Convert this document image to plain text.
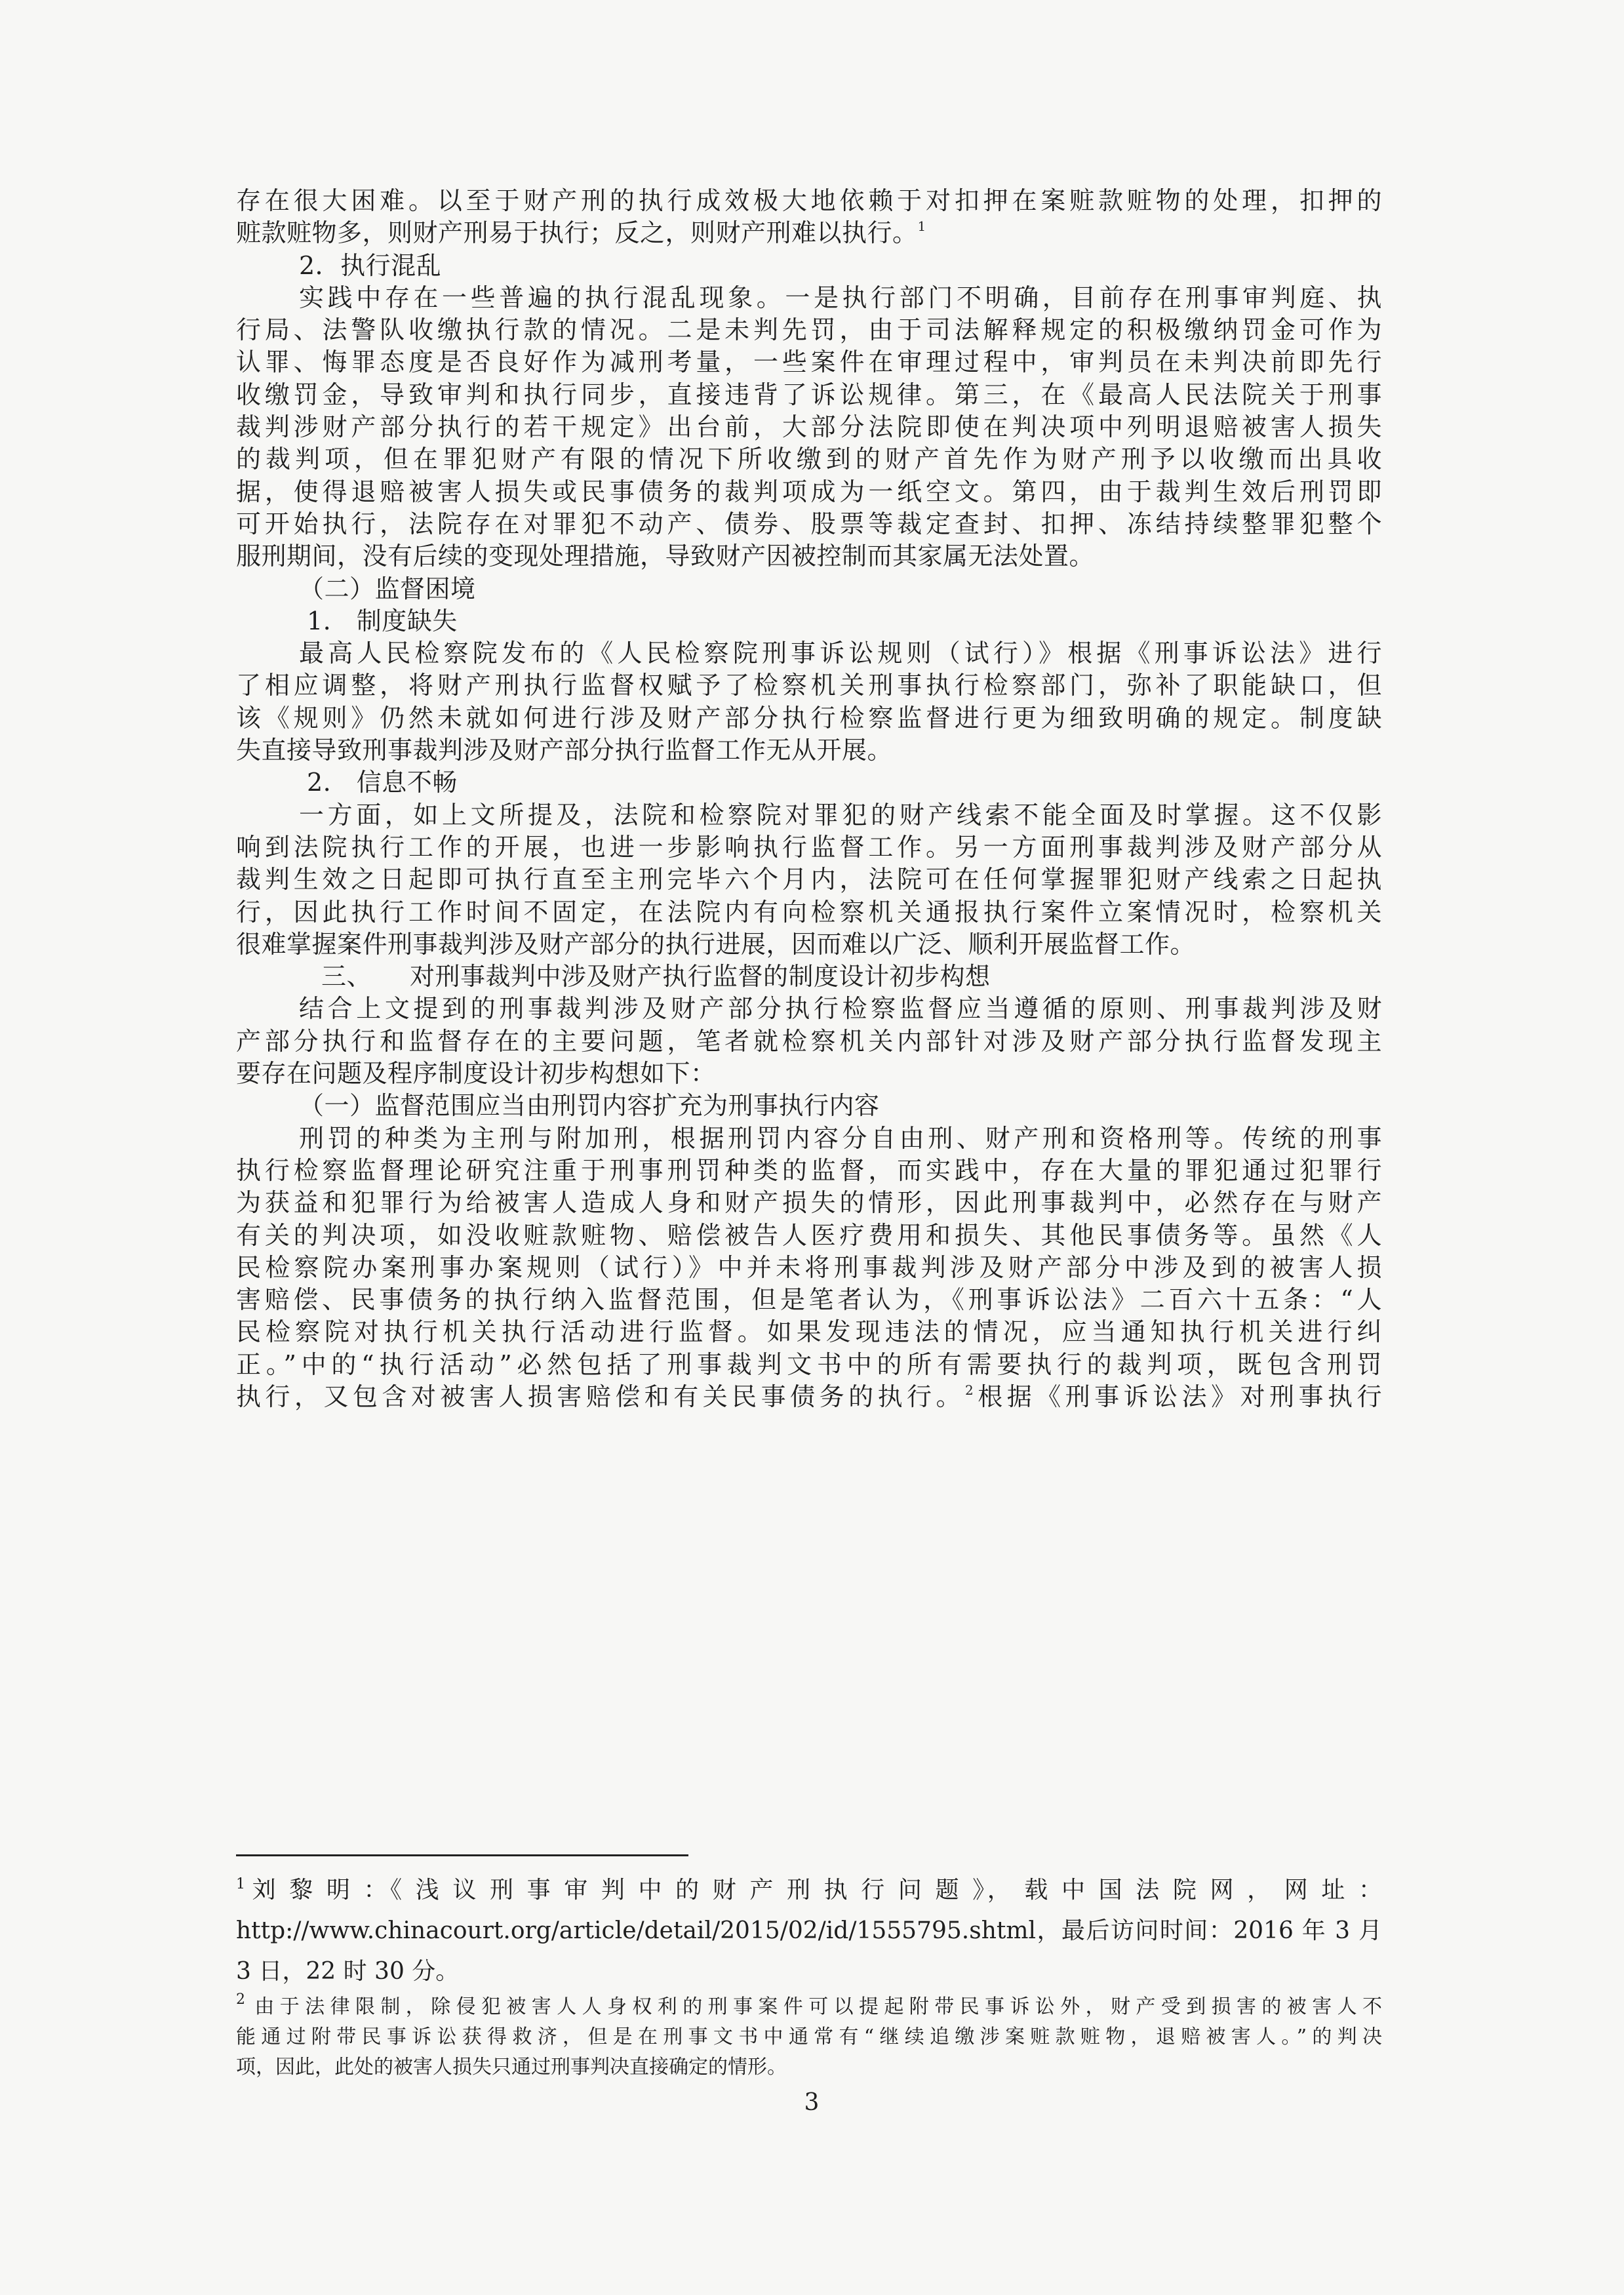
存在很大困难。以至于财产刑的执行成效极大地依赖于对扣押在案赃款赃物的处理，扣押的
赃款赃物多，则财产刑易于执行；反之，则财产刑难以执行。$^1$
2．执行混乱
实践中存在一些普遍的执行混乱现象。一是执行部门不明确，目前存在刑事审判庭、执
行局、法警队收缴执行款的情况。二是未判先罚，由于司法解释规定的积极缴纳罚金可作为
认罪、悔罪态度是否良好作为减刑考量，一些案件在审理过程中，审判员在未判决前即先行
收缴罚金，导致审判和执行同步，直接违背了诉讼规律。第三，在《最高人民法院关于刑事
裁判涉财产部分执行的若干规定》出台前，大部分法院即使在判决项中列明退赔被害人损失
的裁判项，但在罪犯财产有限的情况下所收缴到的财产首先作为财产刑予以收缴而出具收
据，使得退赔被害人损失或民事债务的裁判项成为一纸空文。第四，由于裁判生效后刑罚即
可开始执行，法院存在对罪犯不动产、债券、股票等裁定查封、扣押、冻结持续整罪犯整个
服刑期间，没有后续的变现处理措施，导致财产因被控制而其家属无法处置。
（二）监督困境
1.　制度缺失
最高人民检察院发布的《人民检察院刑事诉讼规则（试行）》根据《刑事诉讼法》进行
了相应调整，将财产刑执行监督权赋予了检察机关刑事执行检察部门，弥补了职能缺口，但
该《规则》仍然未就如何进行涉及财产部分执行检察监督进行更为细致明确的规定。制度缺
失直接导致刑事裁判涉及财产部分执行监督工作无从开展。
2.　信息不畅
一方面，如上文所提及，法院和检察院对罪犯的财产线索不能全面及时掌握。这不仅影
响到法院执行工作的开展，也进一步影响执行监督工作。另一方面刑事裁判涉及财产部分从
裁判生效之日起即可执行直至主刑完毕六个月内，法院可在任何掌握罪犯财产线索之日起执
行，因此执行工作时间不固定，在法院内有向检察机关通报执行案件立案情况时，检察机关
很难掌握案件刑事裁判涉及财产部分的执行进展，因而难以广泛、顺利开展监督工作。
三、　　对刑事裁判中涉及财产执行监督的制度设计初步构想
结合上文提到的刑事裁判涉及财产部分执行检察监督应当遵循的原则、刑事裁判涉及财
产部分执行和监督存在的主要问题，笔者就检察机关内部针对涉及财产部分执行监督发现主
要存在问题及程序制度设计初步构想如下：
（一）监督范围应当由刑罚内容扩充为刑事执行内容
刑罚的种类为主刑与附加刑，根据刑罚内容分自由刑、财产刑和资格刑等。传统的刑事
执行检察监督理论研究注重于刑事刑罚种类的监督，而实践中，存在大量的罪犯通过犯罪行
为获益和犯罪行为给被害人造成人身和财产损失的情形，因此刑事裁判中，必然存在与财产
有关的判决项，如没收赃款赃物、赔偿被告人医疗费用和损失、其他民事债务等。虽然《人
民检察院办案刑事办案规则（试行）》中并未将刑事裁判涉及财产部分中涉及到的被害人损
害赔偿、民事债务的执行纳入监督范围，但是笔者认为，《刑事诉讼法》二百六十五条：“人
民检察院对执行机关执行活动进行监督。如果发现违法的情况，应当通知执行机关进行纠
正。”中的“执行活动”必然包括了刑事裁判文书中的所有需要执行的裁判项，既包含刑罚
执行，又包含对被害人损害赔偿和有关民事债务的执行。$^2$根据《刑事诉讼法》对刑事执行
$^1$ 刘 黎 明 ：《 浅 议 刑 事 审 判 中 的 财 产 刑 执 行 问 题 》， 载 中 国 法 院 网 ， 网 址 ：
http://www.chinacourt.org/article/detail/2015/02/id/1555795.shtml，最后访问时间：2016 年 3 月
3 日，22 时 30 分。
$^2$ 由于法律限制，除侵犯被害人人身权利的刑事案件可以提起附带民事诉讼外，财产受到损害的被害人不
能通过附带民事诉讼获得救济，但是在刑事文书中通常有“继续追缴涉案赃款赃物，退赔被害人。”的判决
项，因此，此处的被害人损失只通过刑事判决直接确定的情形。
3
